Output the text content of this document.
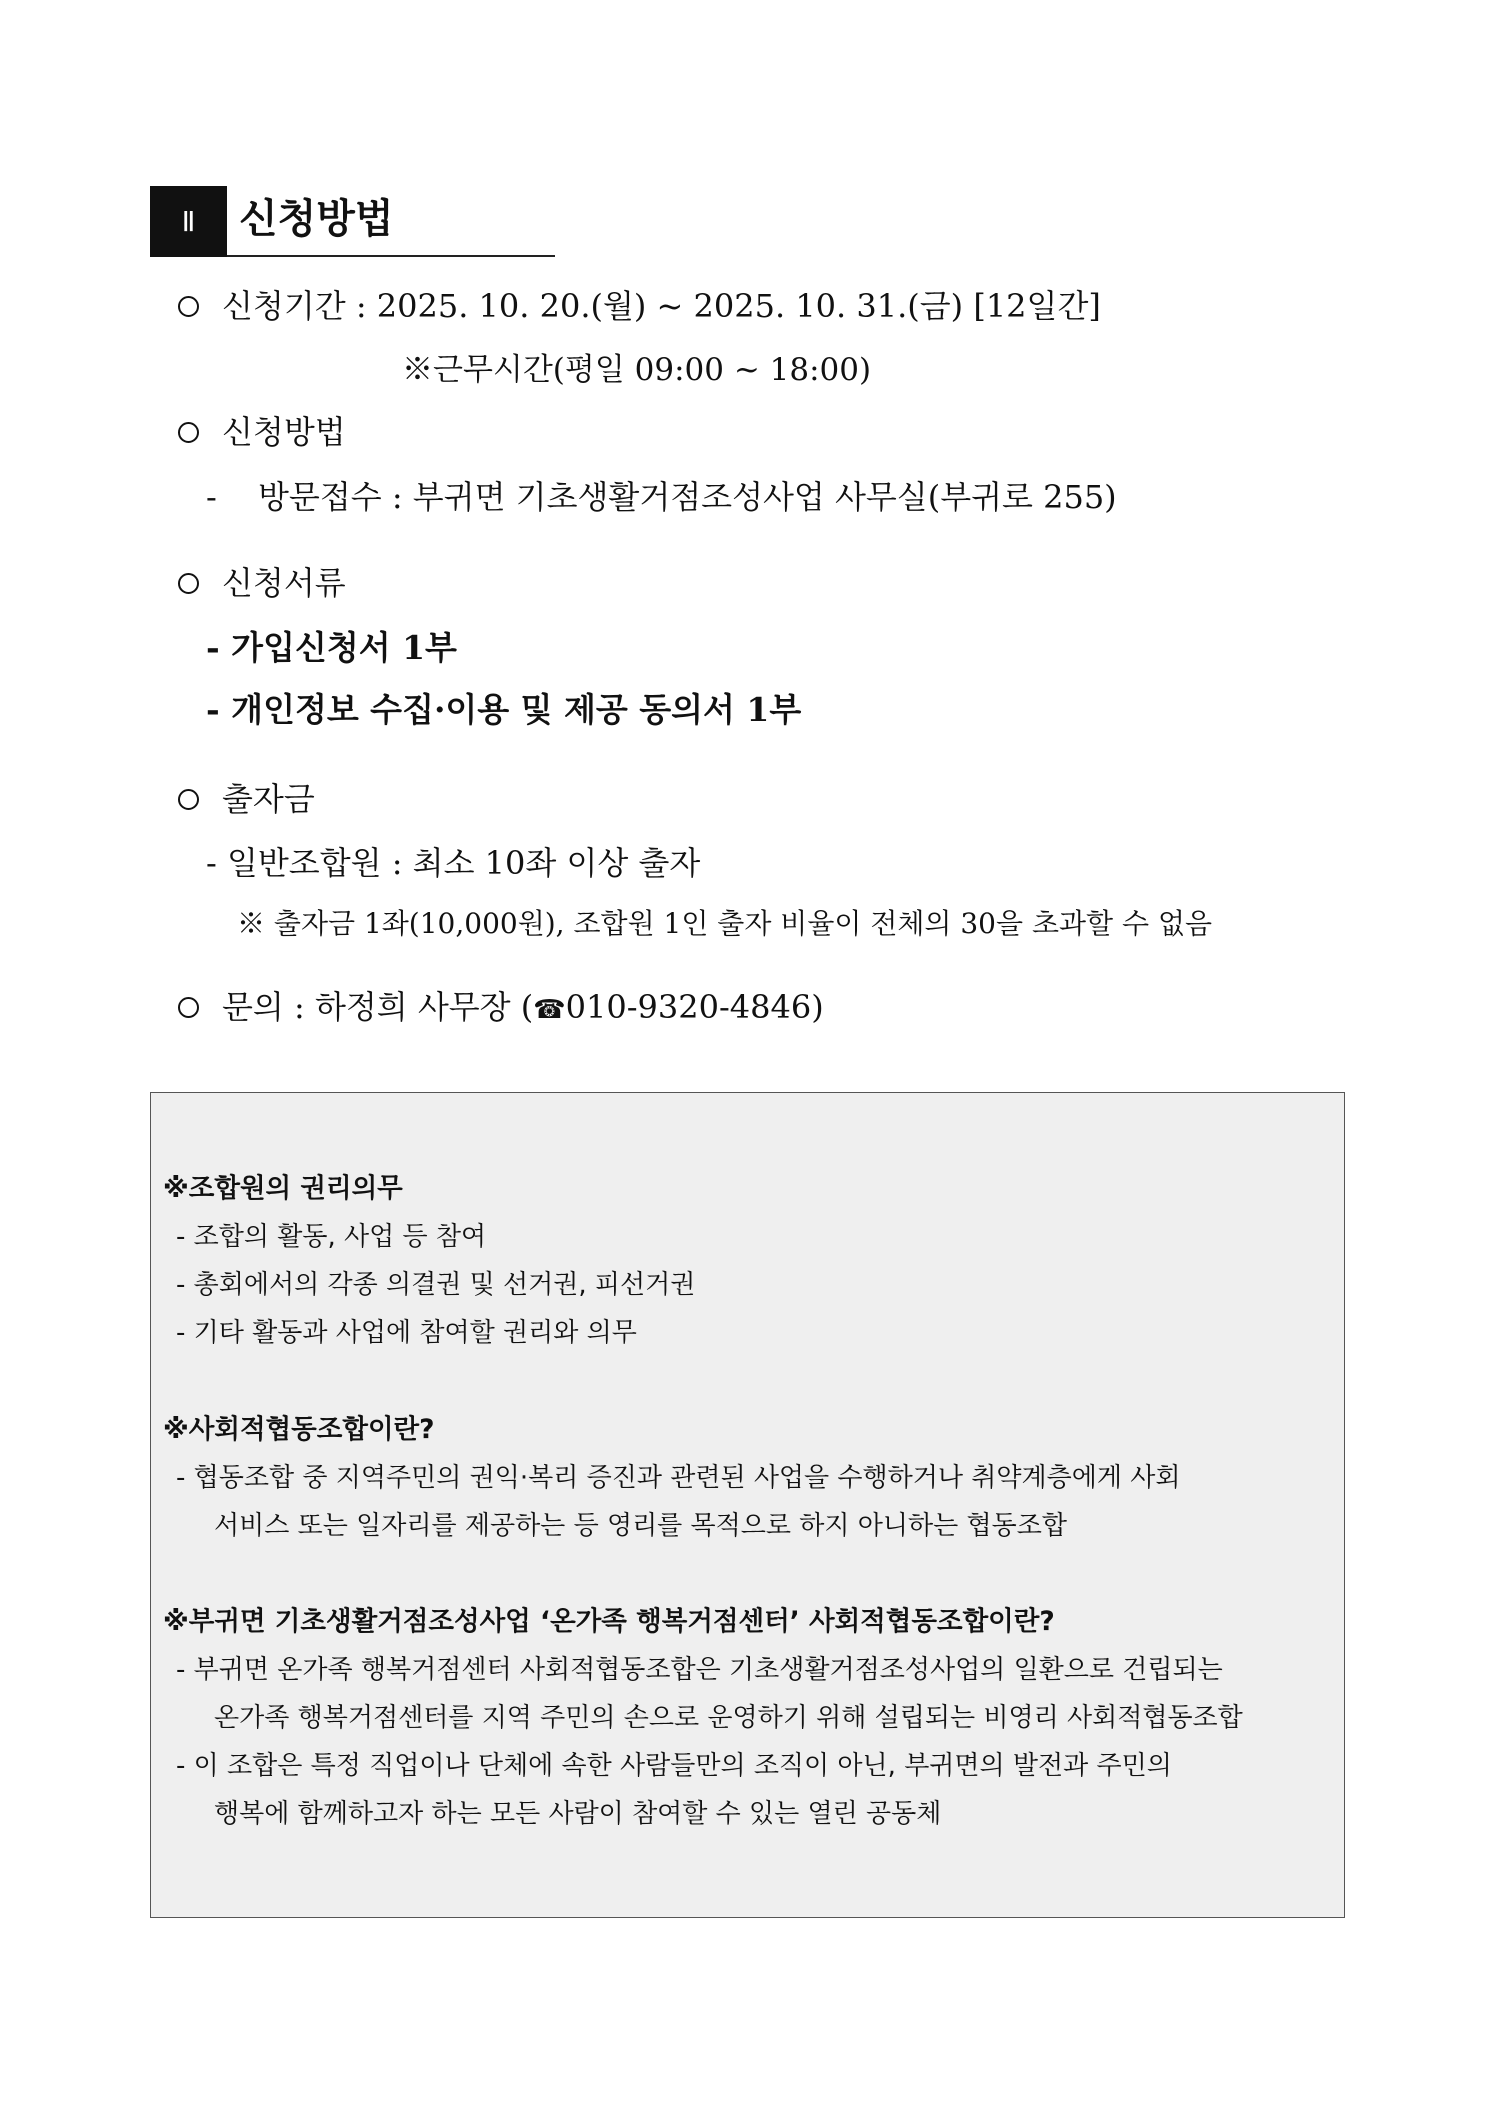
Ⅱ	신청방법
신청기간 : 2025. 10. 20.(월) ~ 2025. 10. 31.(금) [12일간]
※근무시간(평일 09:00 ~ 18:00)
신청방법
- 방문접수 : 부귀면 기초생활거점조성사업 사무실(부귀로 255)
신청서류
- 가입신청서 1부
- 개인정보 수집·이용 및 제공 동의서 1부
출자금
- 일반조합원 : 최소 10좌 이상 출자
※ 출자금 1좌(10,000원), 조합원 1인 출자 비율이 전체의 30을 초과할 수 없음
문의 : 하정희 사무장 (☎010-9320-4846)
※조합원의 권리의무
- 조합의 활동, 사업 등 참여
- 총회에서의 각종 의결권 및 선거권, 피선거권
- 기타 활동과 사업에 참여할 권리와 의무
※사회적협동조합이란?
- 협동조합 중 지역주민의 권익·복리 증진과 관련된 사업을 수행하거나 취약계층에게 사회
서비스 또는 일자리를 제공하는 등 영리를 목적으로 하지 아니하는 협동조합
※부귀면 기초생활거점조성사업 ‘온가족 행복거점센터’ 사회적협동조합이란?
- 부귀면 온가족 행복거점센터 사회적협동조합은 기초생활거점조성사업의 일환으로 건립되는
온가족 행복거점센터를 지역 주민의 손으로 운영하기 위해 설립되는 비영리 사회적협동조합
- 이 조합은 특정 직업이나 단체에 속한 사람들만의 조직이 아닌, 부귀면의 발전과 주민의
행복에 함께하고자 하는 모든 사람이 참여할 수 있는 열린 공동체
